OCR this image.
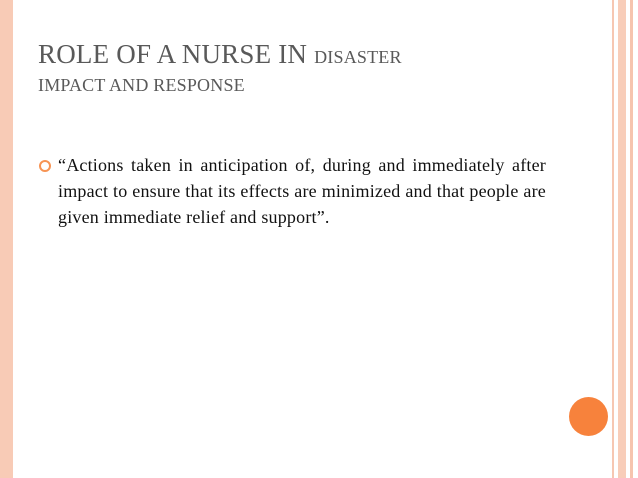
ROLE OF A NURSE IN DISASTER
IMPACT AND RESPONSE
“Actions taken in anticipation of, during and immediately after impact to ensure that its effects are minimized and that people are given immediate relief and support”.
